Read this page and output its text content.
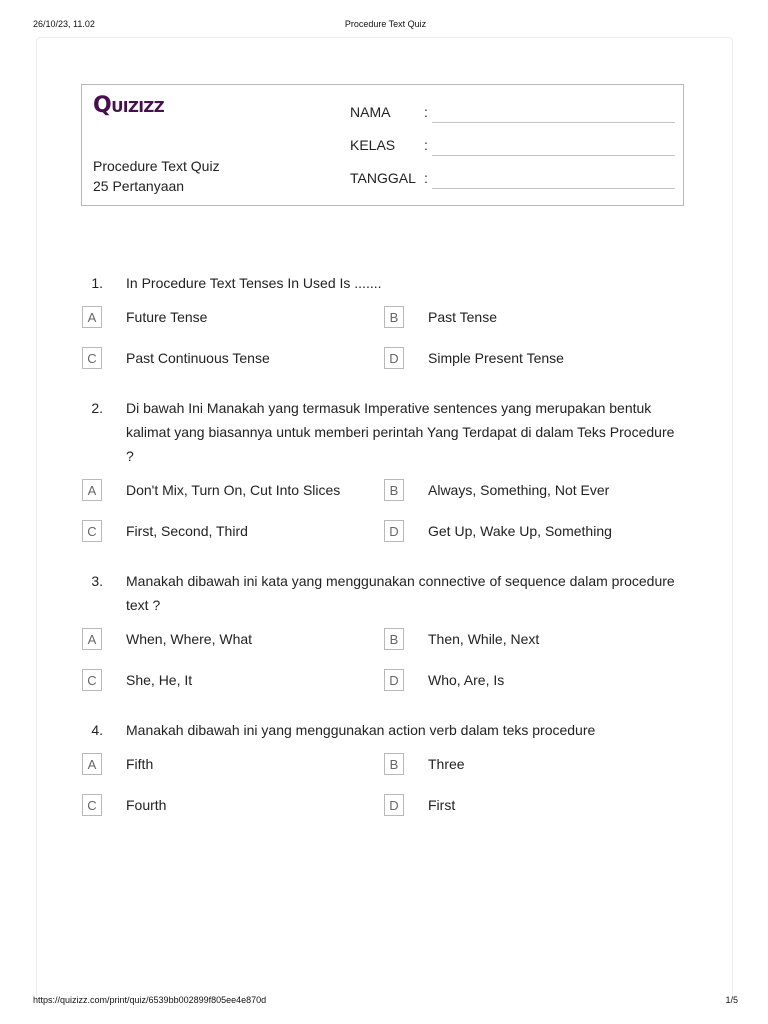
26/10/23, 11.02	Procedure Text Quiz
Quizizz
Procedure Text Quiz
25 Pertanyaan
NAMA :
KELAS :
TANGGAL :
1. In Procedure Text Tenses In Used Is .......
A	Future Tense	B	Past Tense
C	Past Continuous Tense	D	Simple Present Tense
2. Di bawah Ini Manakah yang termasuk Imperative sentences yang merupakan bentuk kalimat yang biasannya untuk memberi perintah Yang Terdapat di dalam Teks Procedure ?
A	Don't Mix, Turn On, Cut Into Slices	B	Always, Something, Not Ever
C	First, Second, Third	D	Get Up, Wake Up, Something
3. Manakah dibawah ini kata yang menggunakan connective of sequence dalam procedure text ?
A	When, Where, What	B	Then, While, Next
C	She, He, It	D	Who, Are, Is
4. Manakah dibawah ini yang menggunakan action verb dalam teks procedure
A	Fifth	B	Three
C	Fourth	D	First
https://quizizz.com/print/quiz/6539bb002899f805ee4e870d	1/5
